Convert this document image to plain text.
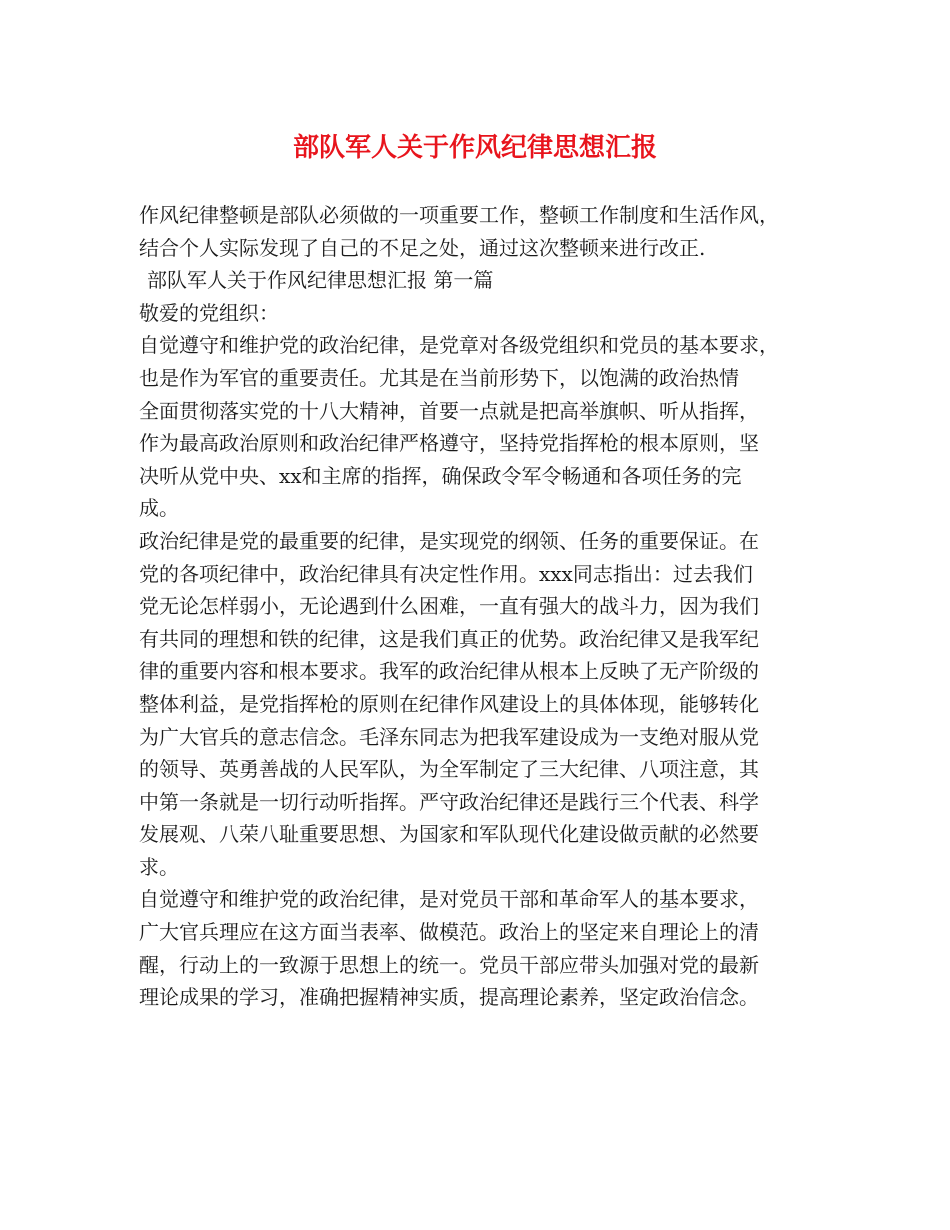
部队军人关于作风纪律思想汇报
作风纪律整顿是部队必须做的一项重要工作，整顿工作制度和生活作风，
结合个人实际发现了自己的不足之处，通过这次整顿来进行改正.
部队军人关于作风纪律思想汇报 第一篇
敬爱的党组织：
自觉遵守和维护党的政治纪律，是党章对各级党组织和党员的基本要求，
也是作为军官的重要责任。尤其是在当前形势下，以饱满的政治热情
全面贯彻落实党的十八大精神，首要一点就是把高举旗帜、听从指挥，
作为最高政治原则和政治纪律严格遵守，坚持党指挥枪的根本原则，坚
决听从党中央、xx和主席的指挥，确保政令军令畅通和各项任务的完
成。
政治纪律是党的最重要的纪律，是实现党的纲领、任务的重要保证。在
党的各项纪律中，政治纪律具有决定性作用。xxx同志指出：过去我们
党无论怎样弱小，无论遇到什么困难，一直有强大的战斗力，因为我们
有共同的理想和铁的纪律，这是我们真正的优势。政治纪律又是我军纪
律的重要内容和根本要求。我军的政治纪律从根本上反映了无产阶级的
整体利益，是党指挥枪的原则在纪律作风建设上的具体体现，能够转化
为广大官兵的意志信念。毛泽东同志为把我军建设成为一支绝对服从党
的领导、英勇善战的人民军队，为全军制定了三大纪律、八项注意，其
中第一条就是一切行动听指挥。严守政治纪律还是践行三个代表、科学
发展观、八荣八耻重要思想、为国家和军队现代化建设做贡献的必然要
求。
自觉遵守和维护党的政治纪律，是对党员干部和革命军人的基本要求，
广大官兵理应在这方面当表率、做模范。政治上的坚定来自理论上的清
醒，行动上的一致源于思想上的统一。党员干部应带头加强对党的最新
理论成果的学习，准确把握精神实质，提高理论素养，坚定政治信念。
